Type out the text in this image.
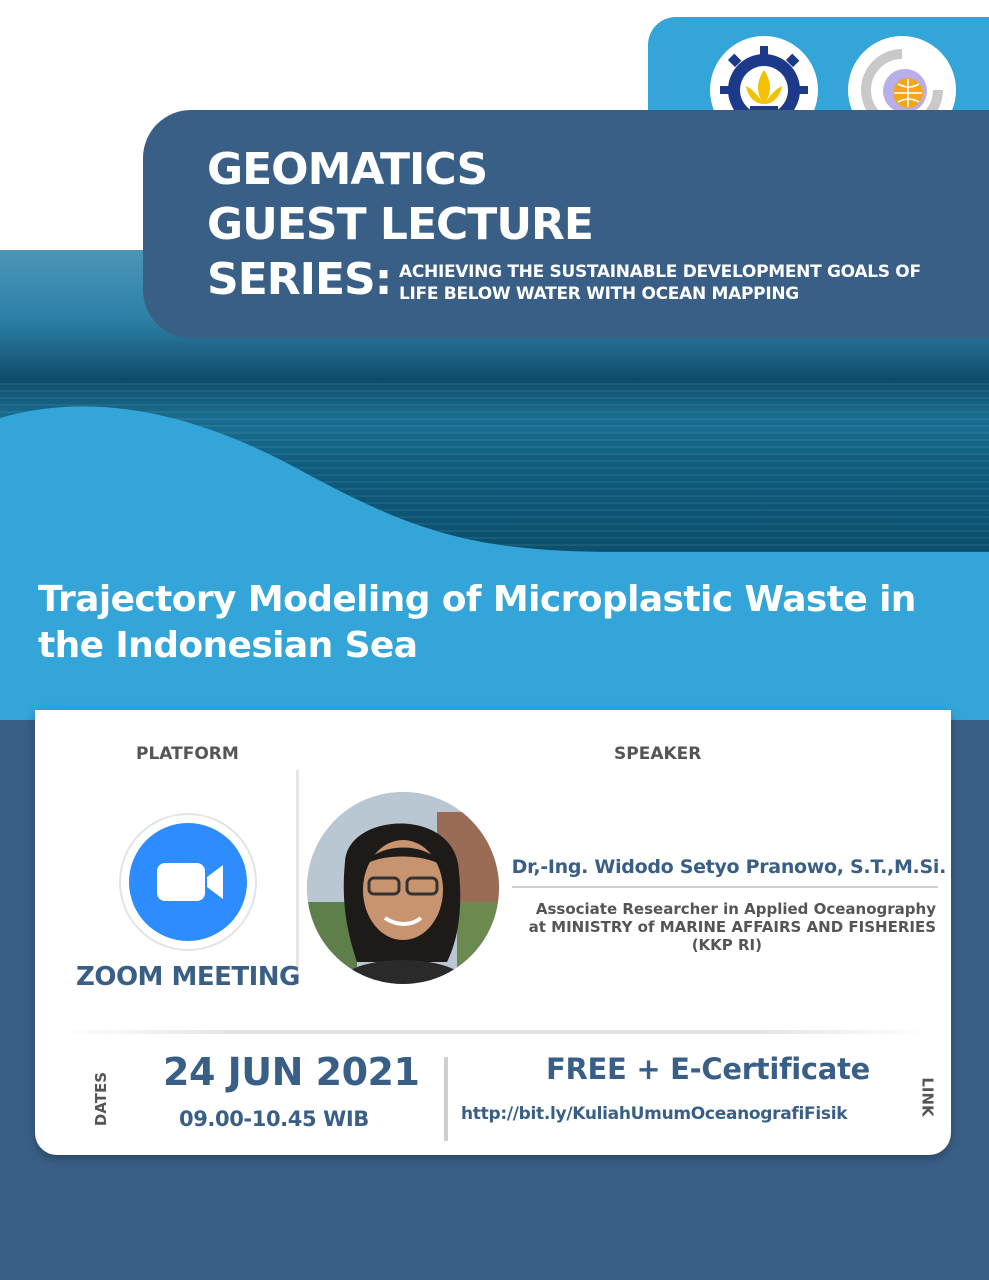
GEOMATICS
GUEST LECTURE
SERIES: ACHIEVING THE SUSTAINABLE DEVELOPMENT GOALS OF
LIFE BELOW WATER WITH OCEAN MAPPING
Trajectory Modeling of Microplastic Waste in the Indonesian Sea
PLATFORM	SPEAKER
ZOOM MEETING
Dr,-Ing. Widodo Setyo Pranowo, S.T.,M.Si.
Associate Researcher in Applied Oceanography
at MINISTRY of MARINE AFFAIRS AND FISHERIES
(KKP RI)
DATES 24 JUN 2021
09.00-10.45 WIB
FREE + E-Certificate
http://bit.ly/KuliahUmumOceanografiFisik	LINK
